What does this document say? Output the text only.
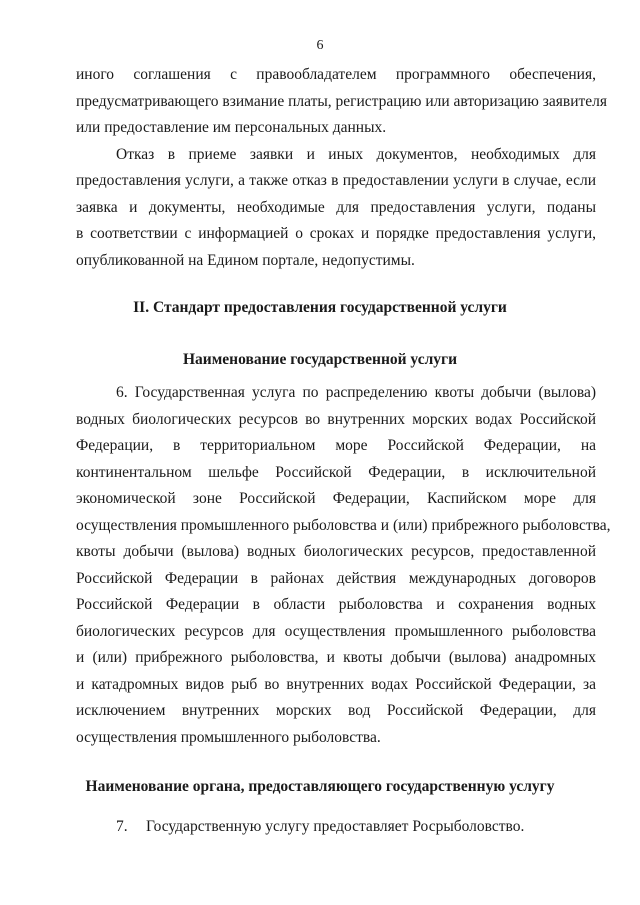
6
иного соглашения с правообладателем программного обеспечения,
предусматривающего взимание платы, регистрацию или авторизацию заявителя
или предоставление им персональных данных.
Отказ в приеме заявки и иных документов, необходимых для
предоставления услуги, а также отказ в предоставлении услуги в случае, если
заявка и документы, необходимые для предоставления услуги, поданы
в соответствии с информацией о сроках и порядке предоставления услуги,
опубликованной на Едином портале, недопустимы.
II. Стандарт предоставления государственной услуги
Наименование государственной услуги
6. Государственная услуга по распределению квоты добычи (вылова)
водных биологических ресурсов во внутренних морских водах Российской
Федерации, в территориальном море Российской Федерации, на
континентальном шельфе Российской Федерации, в исключительной
экономической зоне Российской Федерации, Каспийском море для
осуществления промышленного рыболовства и (или) прибрежного рыболовства,
квоты добычи (вылова) водных биологических ресурсов, предоставленной
Российской Федерации в районах действия международных договоров
Российской Федерации в области рыболовства и сохранения водных
биологических ресурсов для осуществления промышленного рыболовства
и (или) прибрежного рыболовства, и квоты добычи (вылова) анадромных
и катадромных видов рыб во внутренних водах Российской Федерации, за
исключением внутренних морских вод Российской Федерации, для
осуществления промышленного рыболовства.
Наименование органа, предоставляющего государственную услугу
7. Государственную услугу предоставляет Росрыболовство.
